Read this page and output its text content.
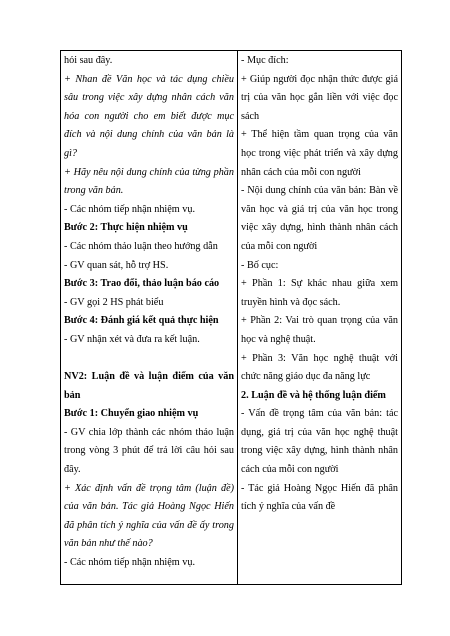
hỏi sau đây.
+ Nhan đề Văn học và tác dụng chiều sâu trong việc xây dựng nhân cách văn hóa con người cho em biết được mục đích và nội dung chính của văn bản là gì?
+ Hãy nêu nội dung chính của từng phần trong văn bản.
- Các nhóm tiếp nhận nhiệm vụ.
Bước 2: Thực hiện nhiệm vụ
- Các nhóm thảo luận theo hướng dẫn
- GV quan sát, hỗ trợ HS.
Bước 3: Trao đổi, thảo luận báo cáo
- GV gọi 2 HS phát biểu
Bước 4: Đánh giá kết quả thực hiện
- GV nhận xét và đưa ra kết luận.
NV2: Luận đề và luận điểm của văn bản
Bước 1: Chuyển giao nhiệm vụ
- GV chia lớp thành các nhóm thảo luận trong vòng 3 phút để trả lời câu hỏi sau đây.
+ Xác định vấn đề trọng tâm (luận đề) của văn bản. Tác giả Hoàng Ngọc Hiến đã phân tích ý nghĩa của vấn đề ấy trong văn bản như thế nào?
- Các nhóm tiếp nhận nhiệm vụ.

- Mục đích:
+ Giúp người đọc nhận thức được giá trị của văn học gắn liền với việc đọc sách
+ Thể hiện tầm quan trọng của văn học trong việc phát triển và xây dựng nhân cách của mỗi con người
- Nội dung chính của văn bản: Bàn về văn học và giá trị của văn học trong việc xây dựng, hình thành nhân cách của mỗi con người
- Bố cục:
+ Phần 1: Sự khác nhau giữa xem truyền hình và đọc sách.
+ Phần 2: Vai trò quan trọng của văn học và nghệ thuật.
+ Phần 3: Văn học nghệ thuật với chức năng giáo dục đa năng lực
2. Luận đề và hệ thống luận điểm
- Vấn đề trọng tâm của văn bản: tác dụng, giá trị của văn học nghệ thuật trong việc xây dựng, hình thành nhân cách của mỗi con người
- Tác giả Hoàng Ngọc Hiến đã phân tích ý nghĩa của vấn đề
